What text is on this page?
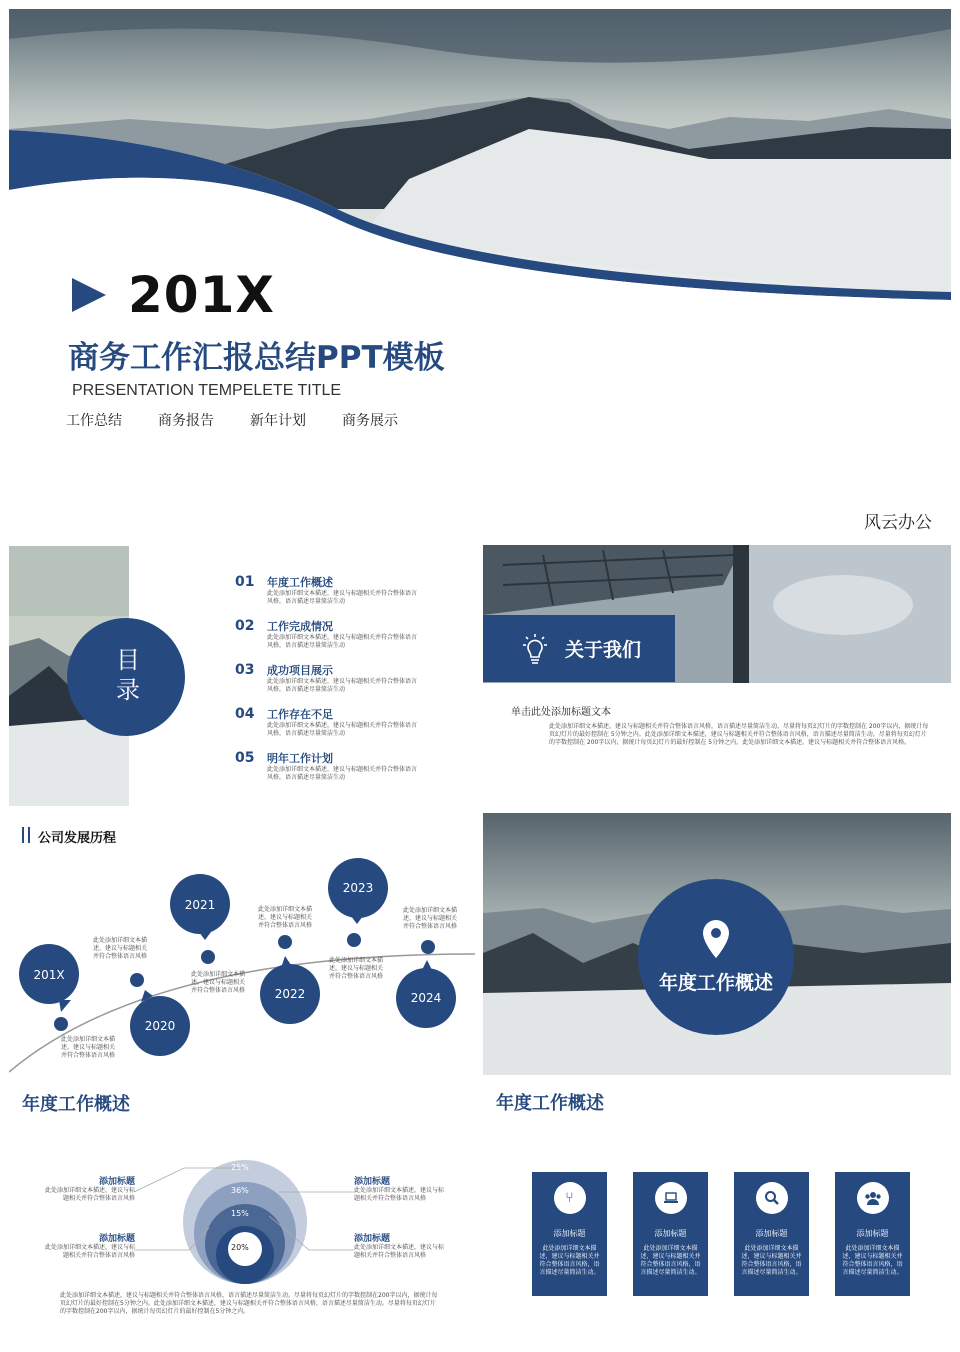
201X
商务工作汇报总结PPT模板
PRESENTATION TEMPELETE TITLE
工作总结	商务报告	新年计划	商务展示
风云办公
目录
01 年度工作概述
此处添加详细文本描述，建议与标题相关并符合整体语言风格，语言描述尽量简洁生动
02 工作完成情况
此处添加详细文本描述，建议与标题相关并符合整体语言风格，语言描述尽量简洁生动
03 成功项目展示
此处添加详细文本描述，建议与标题相关并符合整体语言风格，语言描述尽量简洁生动
04 工作存在不足
此处添加详细文本描述，建议与标题相关并符合整体语言风格，语言描述尽量简洁生动
05 明年工作计划
此处添加详细文本描述，建议与标题相关并符合整体语言风格，语言描述尽量简洁生动
关于我们
单击此处添加标题文本
此处添加详细文本描述，建议与标题相关并符合整体语言风格，语言描述尽量简洁生动。尽量将每页幻灯片的字数控制在 200字以内，据统计每页幻灯片的最好控制在 5分钟之内。此处添加详细文本描述，建议与标题相关并符合整体语言风格，语言描述尽量简洁生动。尽量将每页幻灯片的字数控制在 200字以内，据统计每页幻灯片的最好控制在 5分钟之内，此处添加详细文本描述，建议与标题相关并符合整体语言风格。
公司发展历程
201X
2020
2021
2022
2023
2024
此处添加详细文本描述，建议与标题相关并符合整体语言风格
此处添加详细文本描述，建议与标题相关并符合整体语言风格
此处添加详细文本描述，建议与标题相关并符合整体语言风格
此处添加详细文本描述，建议与标题相关并符合整体语言风格
此处添加详细文本描述，建议与标题相关并符合整体语言风格
此处添加详细文本描述，建议与标题相关并符合整体语言风格
年度工作概述
年度工作概述
年度工作概述
25%
36%
15%
20%
添加标题
此处添加详细文本描述，建议与标题相关并符合整体语言风格
添加标题
此处添加详细文本描述，建议与标题相关并符合整体语言风格
添加标题
此处添加详细文本描述，建议与标题相关并符合整体语言风格
添加标题
此处添加详细文本描述，建议与标题相关并符合整体语言风格
此处添加详细文本描述，建议与标题相关并符合整体语言风格，语言描述尽量简洁生动。尽量将每页幻灯片的字数控制在200字以内，据统计每页幻灯片的最好控制在5分钟之内。此处添加详细文本描述，建议与标题相关并符合整体语言风格，语言描述尽量简洁生动。尽量将每页幻灯片的字数控制在200字以内，据统计每页幻灯片的最好控制在5分钟之内。
⑂
添加标题
此处添加详细文本描述，建议与标题相关并符合整体语言风格，语言描述尽量简洁生动。
添加标题
此处添加详细文本描述，建议与标题相关并符合整体语言风格，语言描述尽量简洁生动。
添加标题
此处添加详细文本描述，建议与标题相关并符合整体语言风格，语言描述尽量简洁生动。
添加标题
此处添加详细文本描述，建议与标题相关并符合整体语言风格，语言描述尽量简洁生动。
